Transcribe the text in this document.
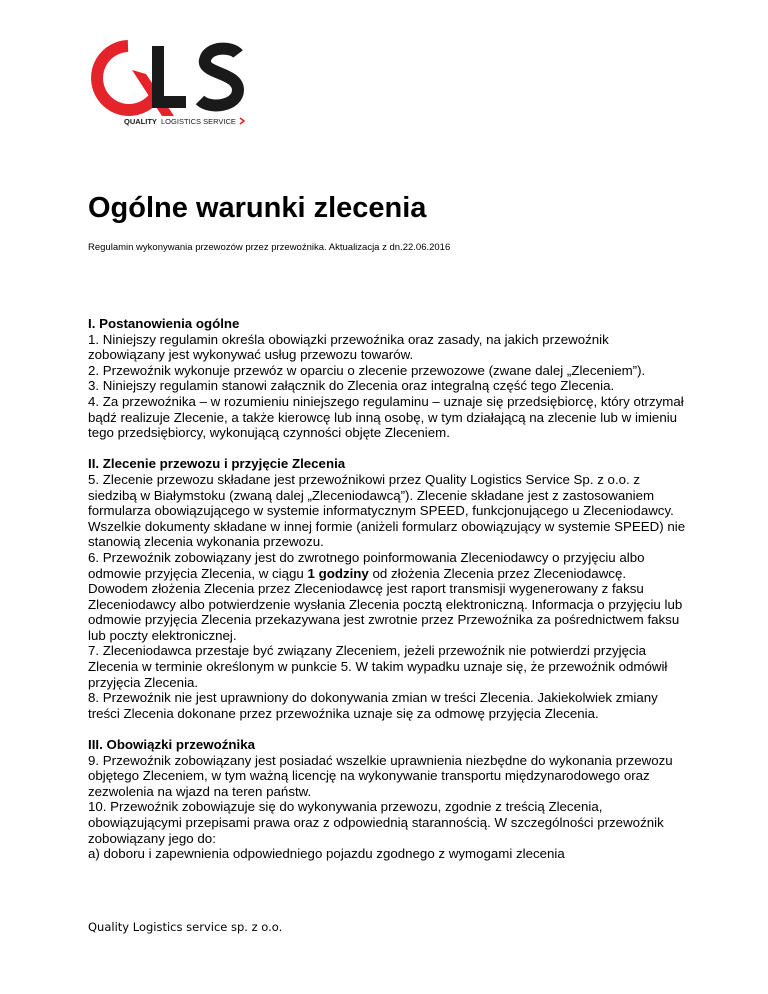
QUALITY LOGISTICS SERVICE
Ogólne warunki zlecenia
Regulamin wykonywania przewozów przez przewoźnika. Aktualizacja z dn.22.06.2016
I. Postanowienia ogólne

1. Niniejszy regulamin określa obowiązki przewoźnika oraz zasady, na jakich przewoźnik zobowiązany jest wykonywać usług przewozu towarów.

2. Przewoźnik wykonuje przewóz w oparciu o zlecenie przewozowe (zwane dalej „Zleceniem”).

3. Niniejszy regulamin stanowi załącznik do Zlecenia oraz integralną część tego Zlecenia.

4. Za przewoźnika – w rozumieniu niniejszego regulaminu – uznaje się przedsiębiorcę, który otrzymał bądź realizuje Zlecenie, a także kierowcę lub inną osobę, w tym działającą na zlecenie lub w imieniu tego przedsiębiorcy, wykonującą czynności objęte Zleceniem.

II. Zlecenie przewozu i przyjęcie Zlecenia

5. Zlecenie przewozu składane jest przewoźnikowi przez Quality Logistics Service Sp. z o.o. z siedzibą w Białymstoku (zwaną dalej „Zleceniodawcą”). Zlecenie składane jest z zastosowaniem formularza obowiązującego w systemie informatycznym SPEED, funkcjonującego u Zleceniodawcy. Wszelkie dokumenty składane w innej formie (aniżeli formularz obowiązujący w systemie SPEED) nie stanowią zlecenia wykonania przewozu.

6. Przewoźnik zobowiązany jest do zwrotnego poinformowania Zleceniodawcy o przyjęciu albo odmowie przyjęcia Zlecenia, w ciągu 1 godziny od złożenia Zlecenia przez Zleceniodawcę. Dowodem złożenia Zlecenia przez Zleceniodawcę jest raport transmisji wygenerowany z faksu Zleceniodawcy albo potwierdzenie wysłania Zlecenia pocztą elektroniczną. Informacja o przyjęciu lub odmowie przyjęcia Zlecenia przekazywana jest zwrotnie przez Przewoźnika za pośrednictwem faksu lub poczty elektronicznej.

7. Zleceniodawca przestaje być związany Zleceniem, jeżeli przewoźnik nie potwierdzi przyjęcia Zlecenia w terminie określonym w punkcie 5. W takim wypadku uznaje się, że przewoźnik odmówił przyjęcia Zlecenia.

8. Przewoźnik nie jest uprawniony do dokonywania zmian w treści Zlecenia. Jakiekolwiek zmiany treści Zlecenia dokonane przez przewoźnika uznaje się za odmowę przyjęcia Zlecenia.

III. Obowiązki przewoźnika

9. Przewoźnik zobowiązany jest posiadać wszelkie uprawnienia niezbędne do wykonania przewozu objętego Zleceniem, w tym ważną licencję na wykonywanie transportu międzynarodowego oraz zezwolenia na wjazd na teren państw.

10. Przewoźnik zobowiązuje się do wykonywania przewozu, zgodnie z treścią Zlecenia, obowiązującymi przepisami prawa oraz z odpowiednią starannością. W szczególności przewoźnik zobowiązany jego do:

a) doboru i zapewnienia odpowiedniego pojazdu zgodnego z wymogami zlecenia

Quality Logistics service sp. z o.o.
